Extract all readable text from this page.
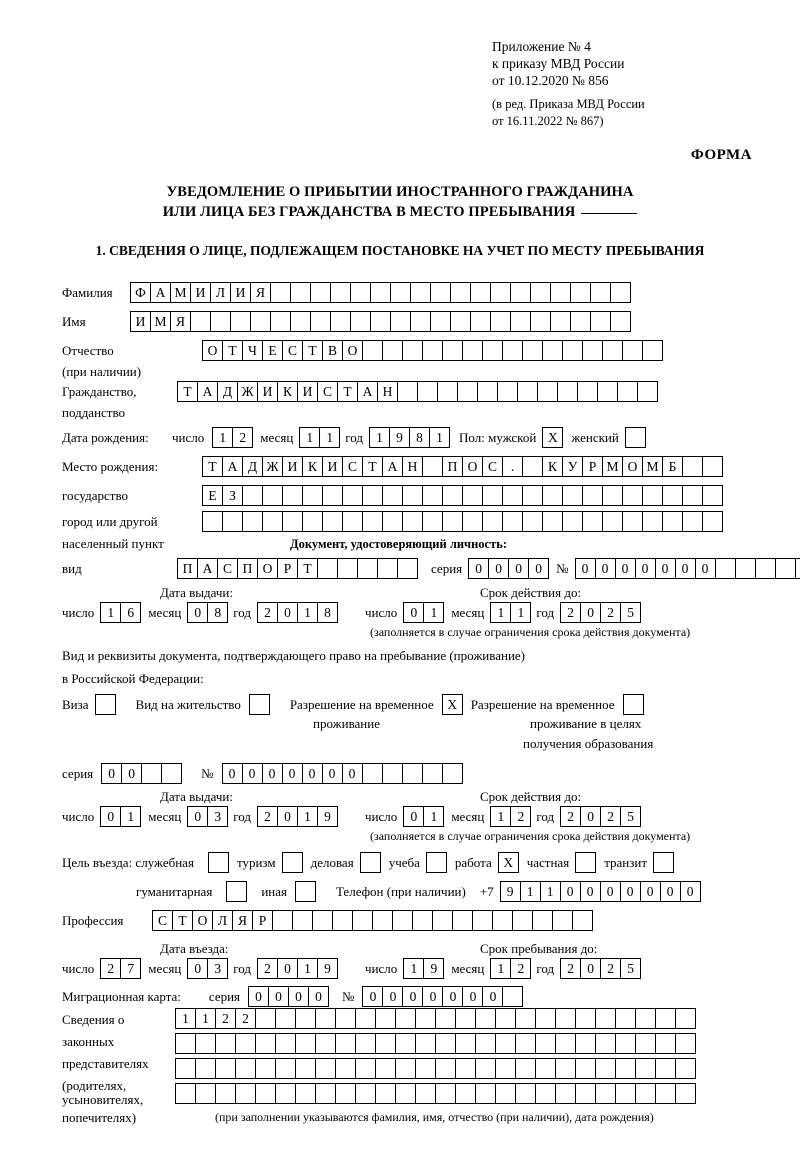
Приложение № 4
к приказу МВД России
от 10.12.2020 № 856
(в ред. Приказа МВД России
от 16.11.2022 № 867)
ФОРМА
УВЕДОМЛЕНИЕ О ПРИБЫТИИ ИНОСТРАННОГО ГРАЖДАНИНА
ИЛИ ЛИЦА БЕЗ ГРАЖДАНСТВА В МЕСТО ПРЕБЫВАНИЯ
1. СВЕДЕНИЯ О ЛИЦЕ, ПОДЛЕЖАЩЕМ ПОСТАНОВКЕ НА УЧЕТ ПО МЕСТУ ПРЕБЫВАНИЯ
Фамилия	Ф А М И Л И Я
Имя	И М Я
Отчество	О Т Ч Е С Т В О
(при наличии)
Гражданство,	Т А Д Ж И К И С Т А Н
подданство
Дата рождения:	число	1 2	месяц 1 1 год 1 9 8 1	Пол: мужской X	женский
Место рождения:	Т А Д Ж И К И С Т А Н	П О С	.	К У Р М О М Б
государство	Е З
город или другой
населенный пункт	Документ, удостоверяющий личность:
вид	П А С П О Р Т	серия 0 0 0 0	№ 0 0 0 0 0 0 0
Дата выдачи:	Срок действия до:
число 1 6	месяц 0 8 год 2 0 1 8	число 0 1	месяц 1 1 год 2 0 2 5
(заполняется в случае ограничения срока действия документа)
Вид и реквизиты документа, подтверждающего право на пребывание (проживание)
в Российской Федерации:
Виза	Вид на жительство	Разрешение на временное	X	Разрешение на временное
проживание	проживание в целях
получения образования
серия	0 0	№	0 0 0 0 0 0 0
Дата выдачи:	Срок действия до:
число 0 1	месяц 0 3 год 2 0 1 9	число 0 1	месяц 1 2 год 2 0 2 5
(заполняется в случае ограничения срока действия документа)
Цель въезда: служебная	туризм	деловая	учеба	работа X	частная	транзит
гуманитарная	иная	Телефон (при наличии) +7 9 1 1 0 0 0 0 0 0 0
Профессия	С Т О Л Я Р
Дата въезда:	Срок пребывания до:
число 2 7	месяц 0 3 год 2 0 1 9	число 1 9	месяц 1 2 год 2 0 2 5
Миграционная карта: серия	0 0 0 0	№	0 0 0 0 0 0 0
Сведения о
законных
представителях
(родителях,
усыновителях,
попечителях)
1 1 2 2
(при заполнении указываются фамилия, имя, отчество (при наличии), дата рождения)
